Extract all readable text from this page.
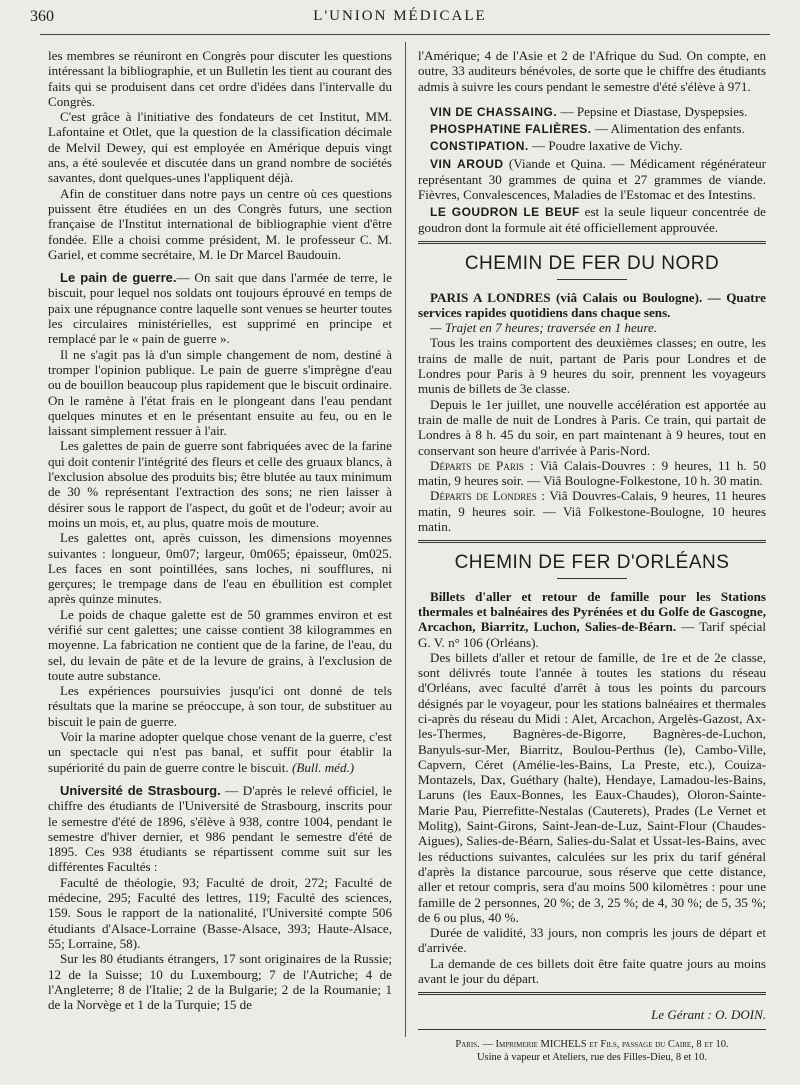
360	L'UNION MÉDICALE

les membres se réuniront en Congrès pour discuter les questions intéressant la bibliographie, et un Bulletin les tient au courant des faits qui se produisent dans cet ordre d'idées dans l'intervalle du Congrès.

C'est grâce à l'initiative des fondateurs de cet Institut, MM. Lafontaine et Otlet, que la question de la classification décimale de Melvil Dewey, qui est employée en Amérique depuis vingt ans, a été soulevée et discutée dans un grand nombre de sociétés savantes, dont quelques-unes l'appliquent déjà.

Afin de constituer dans notre pays un centre où ces questions puissent être étudiées en un des Congrès futurs, une section française de l'Institut international de bibliographie vient d'être fondée. Elle a choisi comme président, M. le professeur C. M. Gariel, et comme secrétaire, M. le Dr Marcel Baudouin.

Le pain de guerre.— On sait que dans l'armée de terre, le biscuit, pour lequel nos soldats ont toujours éprouvé en temps de paix une répugnance contre laquelle sont venues se heurter toutes les circulaires ministérielles, est supprimé en principe et remplacé par le « pain de guerre ».

Il ne s'agit pas là d'un simple changement de nom, destiné à tromper l'opinion publique. Le pain de guerre s'imprègne d'eau ou de bouillon beaucoup plus rapidement que le biscuit ordinaire. On le ramène à l'état frais en le plongeant dans l'eau pendant quelques minutes et en le présentant ensuite au feu, ou en le laissant simplement ressuer à l'air.

Les galettes de pain de guerre sont fabriquées avec de la farine qui doit contenir l'intégrité des fleurs et celle des gruaux blancs, à l'exclusion absolue des produits bis; être blutée au taux minimum de 30 % représentant l'extraction des sons; ne rien laisser à désirer sous le rapport de l'aspect, du goût et de l'odeur; avoir au moins un mois, et, au plus, quatre mois de mouture.

Les galettes ont, après cuisson, les dimensions moyennes suivantes : longueur, 0m07; largeur, 0m065; épaisseur, 0m025. Les faces en sont pointillées, sans loches, ni soufflures, ni gerçures; le trempage dans de l'eau en ébullition est complet après quinze minutes.

Le poids de chaque galette est de 50 grammes environ et est vérifié sur cent galettes; une caisse contient 38 kilogrammes en moyenne. La fabrication ne contient que de la farine, de l'eau, du sel, du levain de pâte et de la levure de grains, à l'exclusion de toute autre substance.

Les expériences poursuivies jusqu'ici ont donné de tels résultats que la marine se préoccupe, à son tour, de substituer au biscuit le pain de guerre.

Voir la marine adopter quelque chose venant de la guerre, c'est un spectacle qui n'est pas banal, et suffit pour établir la supériorité du pain de guerre contre le biscuit. (Bull. méd.)

Université de Strasbourg. — D'après le relevé officiel, le chiffre des étudiants de l'Université de Strasbourg, inscrits pour le semestre d'été de 1896, s'élève à 938, contre 1004, pendant le semestre d'hiver dernier, et 986 pendant le semestre d'été de 1895. Ces 938 étudiants se répartissent comme suit sur les différentes Facultés :

Faculté de théologie, 93; Faculté de droit, 272; Faculté de médecine, 295; Faculté des lettres, 119; Faculté des sciences, 159. Sous le rapport de la nationalité, l'Université compte 506 étudiants d'Alsace-Lorraine (Basse-Alsace, 393; Haute-Alsace, 55; Lorraine, 58).

Sur les 80 étudiants étrangers, 17 sont originaires de la Russie; 12 de la Suisse; 10 du Luxembourg; 7 de l'Autriche; 4 de l'Angleterre; 8 de l'Italie; 2 de la Bulgarie; 2 de la Roumanie; 1 de la Norvège et 1 de la Turquie; 15 de

l'Amérique; 4 de l'Asie et 2 de l'Afrique du Sud. On compte, en outre, 33 auditeurs bénévoles, de sorte que le chiffre des étudiants admis à suivre les cours pendant le semestre d'été s'élève à 971.

VIN DE CHASSAING. — Pepsine et Diastase, Dyspepsies.

PHOSPHATINE FALIÈRES. — Alimentation des enfants.

CONSTIPATION. — Poudre laxative de Vichy.

VIN AROUD (Viande et Quina. — Médicament régénérateur représentant 30 grammes de quina et 27 grammes de viande. Fièvres, Convalescences, Maladies de l'Estomac et des Intestins.

LE GOUDRON LE BEUF est la seule liqueur concentrée de goudron dont la formule ait été officiellement approuvée.

CHEMIN DE FER DU NORD

PARIS A LONDRES (viâ Calais ou Boulogne). — Quatre services rapides quotidiens dans chaque sens.

— Trajet en 7 heures; traversée en 1 heure.

Tous les trains comportent des deuxièmes classes; en outre, les trains de malle de nuit, partant de Paris pour Londres et de Londres pour Paris à 9 heures du soir, prennent les voyageurs munis de billets de 3e classe.

Depuis le 1er juillet, une nouvelle accélération est apportée au train de malle de nuit de Londres à Paris. Ce train, qui partait de Londres à 8 h. 45 du soir, en part maintenant à 9 heures, tout en conservant son heure d'arrivée à Paris-Nord.

Départs de Paris : Viâ Calais-Douvres : 9 heures, 11 h. 50 matin, 9 heures soir. — Viâ Boulogne-Folkestone, 10 h. 30 matin.

Départs de Londres : Viâ Douvres-Calais, 9 heures, 11 heures matin, 9 heures soir. — Viâ Folkestone-Boulogne, 10 heures matin.

CHEMIN DE FER D'ORLÉANS

Billets d'aller et retour de famille pour les Stations thermales et balnéaires des Pyrénées et du Golfe de Gascogne, Arcachon, Biarritz, Luchon, Salies-de-Béarn. — Tarif spécial G. V. n° 106 (Orléans).

Des billets d'aller et retour de famille, de 1re et de 2e classe, sont délivrés toute l'année à toutes les stations du réseau d'Orléans, avec faculté d'arrêt à tous les points du parcours désignés par le voyageur, pour les stations balnéaires et thermales ci-après du réseau du Midi : Alet, Arcachon, Argelès-Gazost, Ax-les-Thermes, Bagnères-de-Bigorre, Bagnères-de-Luchon, Banyuls-sur-Mer, Biarritz, Boulou-Perthus (le), Cambo-Ville, Capvern, Céret (Amélie-les-Bains, La Preste, etc.), Couiza-Montazels, Dax, Guéthary (halte), Hendaye, Lamadou-les-Bains, Laruns (les Eaux-Bonnes, les Eaux-Chaudes), Oloron-Sainte-Marie Pau, Pierrefitte-Nestalas (Cauterets), Prades (Le Vernet et Molitg), Saint-Girons, Saint-Jean-de-Luz, Saint-Flour (Chaudes-Aigues), Salies-de-Béarn, Salies-du-Salat et Ussat-les-Bains, avec les réductions suivantes, calculées sur les prix du tarif général d'après la distance parcourue, sous réserve que cette distance, aller et retour compris, sera d'au moins 500 kilomètres : pour une famille de 2 personnes, 20 %; de 3, 25 %; de 4, 30 %; de 5, 35 %; de 6 ou plus, 40 %.

Durée de validité, 33 jours, non compris les jours de départ et d'arrivée.

La demande de ces billets doit être faite quatre jours au moins avant le jour du départ.

Le Gérant : O. DOIN.

Paris. — Imprimerie MICHELS et Fils, passage du Caire, 8 et 10.

Usine à vapeur et Ateliers, rue des Filles-Dieu, 8 et 10.
